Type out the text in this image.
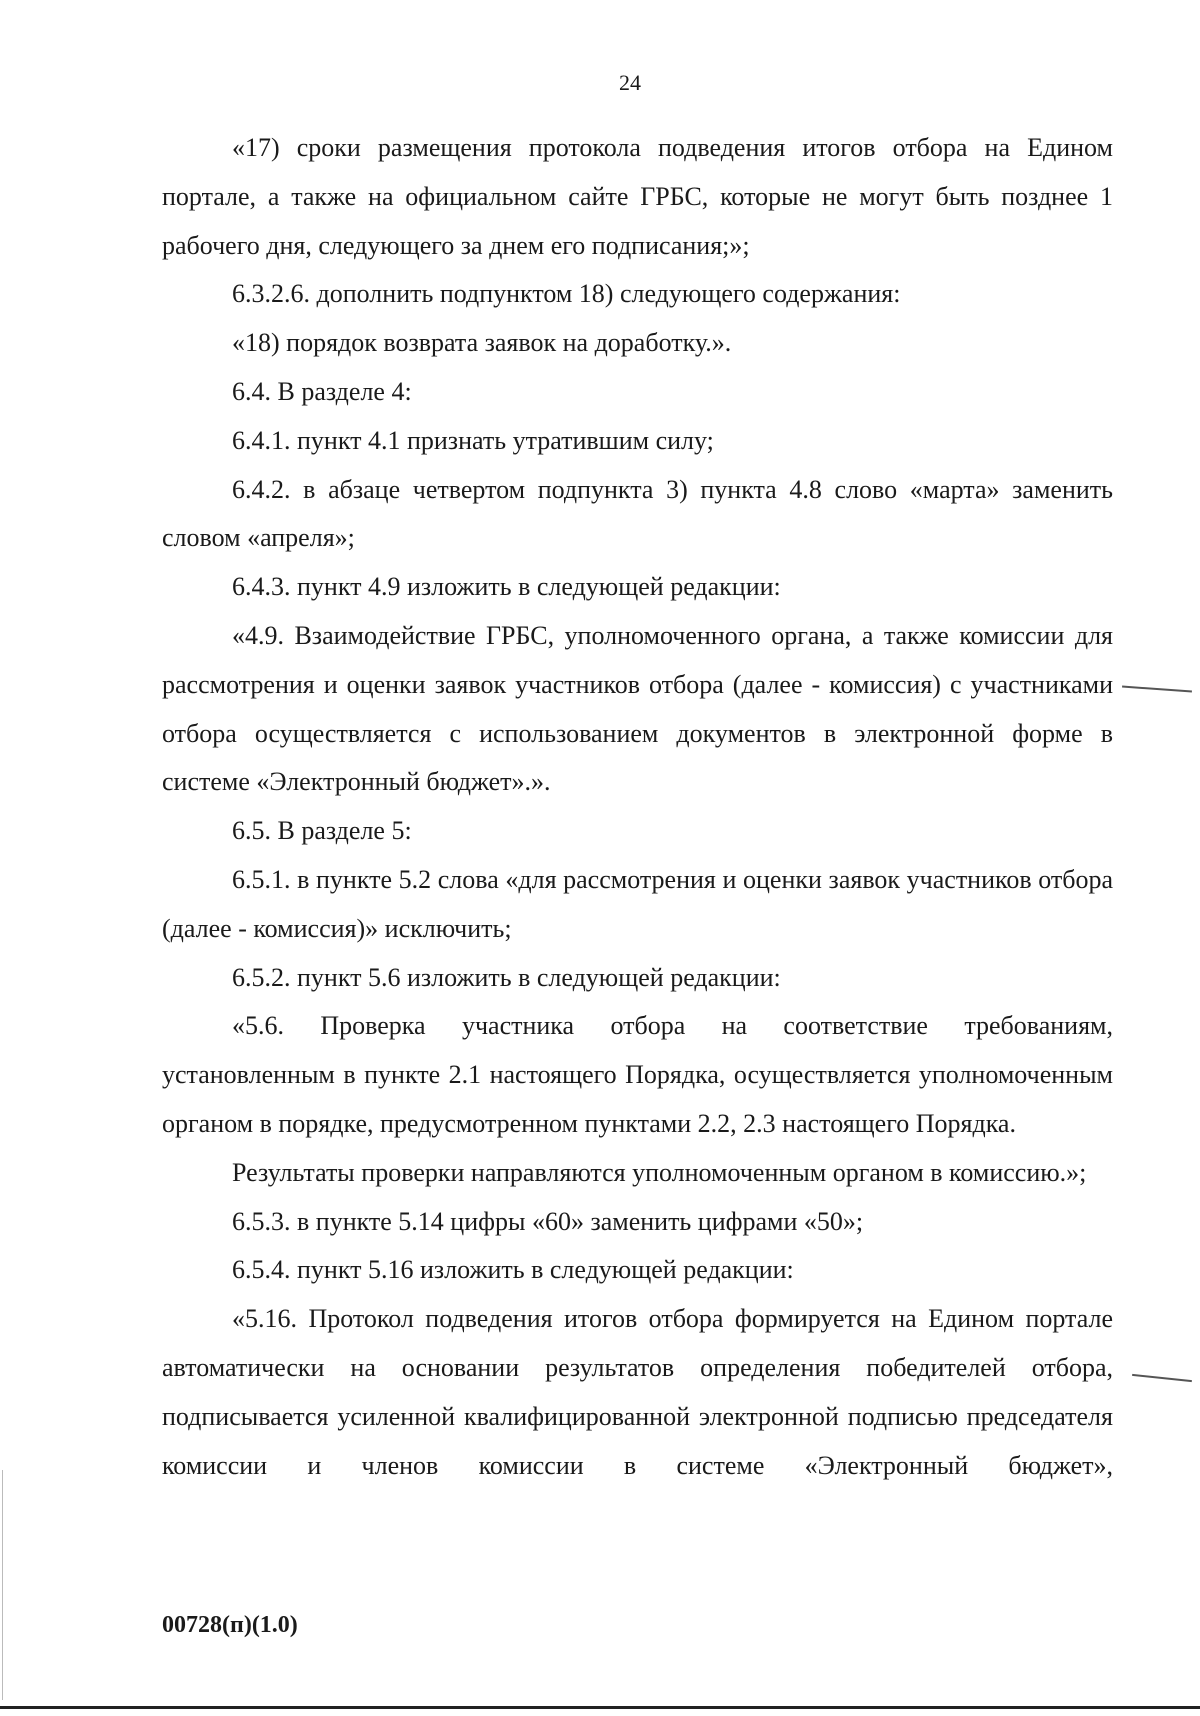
24

«17) сроки размещения протокола подведения итогов отбора на Едином портале, а также на официальном сайте ГРБС, которые не могут быть позднее 1 рабочего дня, следующего за днем его подписания;»;

6.3.2.6. дополнить подпунктом 18) следующего содержания:

«18) порядок возврата заявок на доработку.».

6.4. В разделе 4:

6.4.1. пункт 4.1 признать утратившим силу;

6.4.2. в абзаце четвертом подпункта 3) пункта 4.8 слово «марта» заменить словом «апреля»;

6.4.3. пункт 4.9 изложить в следующей редакции:

«4.9. Взаимодействие ГРБС, уполномоченного органа, а также комиссии для рассмотрения и оценки заявок участников отбора (далее - комиссия) с участниками отбора осуществляется с использованием документов в электронной форме в системе «Электронный бюджет».».

6.5. В разделе 5:

6.5.1. в пункте 5.2 слова «для рассмотрения и оценки заявок участников отбора (далее - комиссия)» исключить;

6.5.2. пункт 5.6 изложить в следующей редакции:

«5.6. Проверка участника отбора на соответствие требованиям, установленным в пункте 2.1 настоящего Порядка, осуществляется уполномоченным органом в порядке, предусмотренном пунктами 2.2, 2.3 настоящего Порядка.

Результаты проверки направляются уполномоченным органом в комиссию.»;

6.5.3. в пункте 5.14 цифры «60» заменить цифрами «50»;

6.5.4. пункт 5.16 изложить в следующей редакции:

«5.16. Протокол подведения итогов отбора формируется на Едином портале автоматически на основании результатов определения победителей отбора, подписывается усиленной квалифицированной электронной подписью председателя комиссии и членов комиссии в системе «Электронный бюджет»,

00728(п)(1.0)
